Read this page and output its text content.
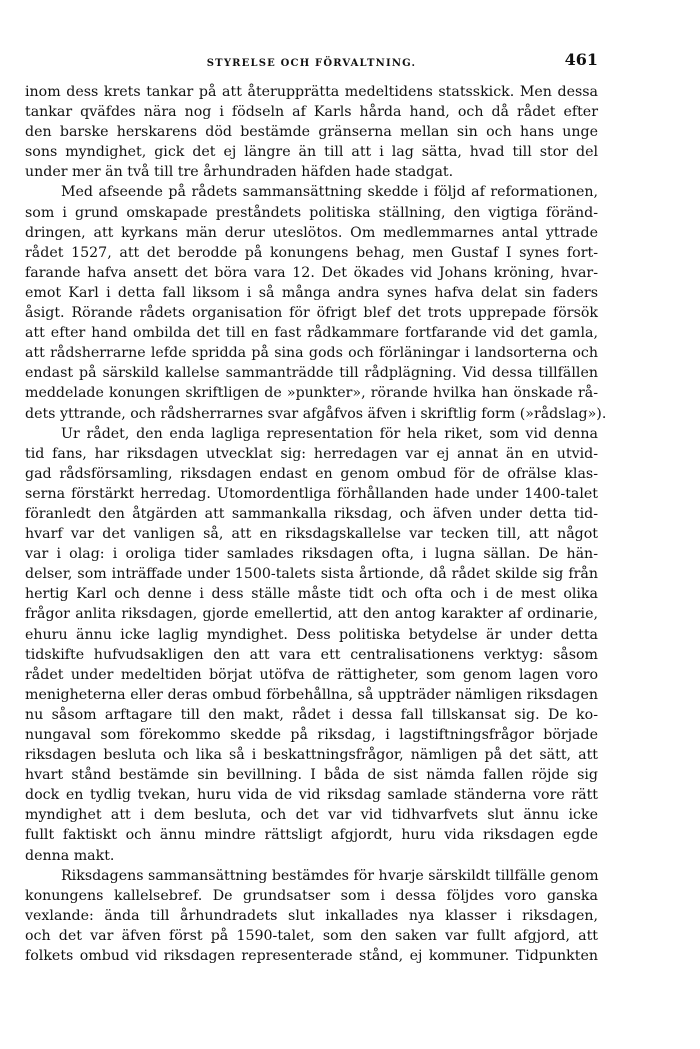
STYRELSE OCH FÖRVALTNING.	461
inom dess krets tankar på att återupprätta medeltidens statsskick. Men dessa
tankar qväfdes nära nog i födseln af Karls hårda hand, och då rådet efter
den barske herskarens död bestämde gränserna mellan sin och hans unge
sons myndighet, gick det ej längre än till att i lag sätta, hvad till stor del
under mer än två till tre århundraden häfden hade stadgat.
Med afseende på rådets sammansättning skedde i följd af reformationen,
som i grund omskapade preståndets politiska ställning, den vigtiga föränd-
dringen, att kyrkans män derur uteslötos. Om medlemmarnes antal yttrade
rådet 1527, att det berodde på konungens behag, men Gustaf I synes fort-
farande hafva ansett det böra vara 12. Det ökades vid Johans kröning, hvar-
emot Karl i detta fall liksom i så många andra synes hafva delat sin faders
åsigt. Rörande rådets organisation för öfrigt blef det trots upprepade försök
att efter hand ombilda det till en fast rådkammare fortfarande vid det gamla,
att rådsherrarne lefde spridda på sina gods och förläningar i landsorterna och
endast på särskild kallelse sammanträdde till rådplägning. Vid dessa tillfällen
meddelade konungen skriftligen de »punkter», rörande hvilka han önskade rå-
dets yttrande, och rådsherrarnes svar afgåfvos äfven i skriftlig form (»rådslag»).
Ur rådet, den enda lagliga representation för hela riket, som vid denna
tid fans, har riksdagen utvecklat sig: herredagen var ej annat än en utvid-
gad rådsförsamling, riksdagen endast en genom ombud för de ofrälse klas-
serna förstärkt herredag. Utomordentliga förhållanden hade under 1400-talet
föranledt den åtgärden att sammankalla riksdag, och äfven under detta tid-
hvarf var det vanligen så, att en riksdagskallelse var tecken till, att något
var i olag: i oroliga tider samlades riksdagen ofta, i lugna sällan. De hän-
delser, som inträffade under 1500-talets sista årtionde, då rådet skilde sig från
hertig Karl och denne i dess ställe måste tidt och ofta och i de mest olika
frågor anlita riksdagen, gjorde emellertid, att den antog karakter af ordinarie,
ehuru ännu icke laglig myndighet. Dess politiska betydelse är under detta
tidskifte hufvudsakligen den att vara ett centralisationens verktyg: såsom
rådet under medeltiden börjat utöfva de rättigheter, som genom lagen voro
menigheterna eller deras ombud förbehållna, så uppträder nämligen riksdagen
nu såsom arftagare till den makt, rådet i dessa fall tillskansat sig. De ko-
nungaval som förekommo skedde på riksdag, i lagstiftningsfrågor började
riksdagen besluta och lika så i beskattningsfrågor, nämligen på det sätt, att
hvart stånd bestämde sin bevillning. I båda de sist nämda fallen röjde sig
dock en tydlig tvekan, huru vida de vid riksdag samlade ständerna vore rätt
myndighet att i dem besluta, och det var vid tidhvarfvets slut ännu icke
fullt faktiskt och ännu mindre rättsligt afgjordt, huru vida riksdagen egde
denna makt.
Riksdagens sammansättning bestämdes för hvarje särskildt tillfälle genom
konungens kallelsebref. De grundsatser som i dessa följdes voro ganska
vexlande: ända till århundradets slut inkallades nya klasser i riksdagen,
och det var äfven först på 1590-talet, som den saken var fullt afgjord, att
folkets ombud vid riksdagen representerade stånd, ej kommuner. Tidpunkten
